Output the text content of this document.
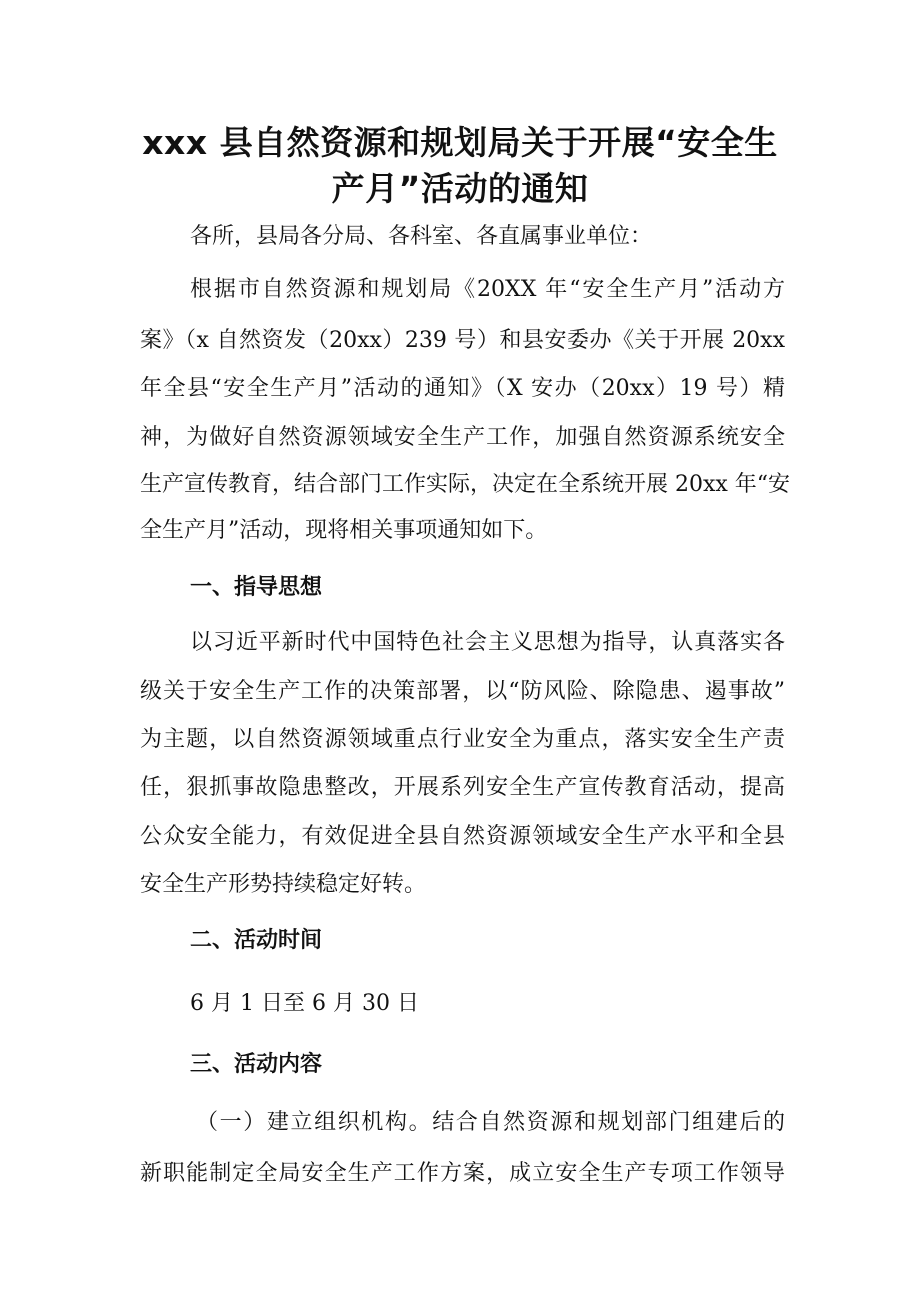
xxx 县自然资源和规划局关于开展“安全生
产月”活动的通知

各所，县局各分局、各科室、各直属事业单位：

根据市自然资源和规划局《20XX 年“安全生产月”活动方

案》（x 自然资发（20xx）239 号）和县安委办《关于开展 20xx

年全县“安全生产月”活动的通知》（X 安办（20xx）19 号）精

神，为做好自然资源领域安全生产工作，加强自然资源系统安全

生产宣传教育，结合部门工作实际，决定在全系统开展 20xx 年“安

全生产月”活动，现将相关事项通知如下。

一、指导思想

以习近平新时代中国特色社会主义思想为指导，认真落实各

级关于安全生产工作的决策部署，以“防风险、除隐患、遏事故”

为主题，以自然资源领域重点行业安全为重点，落实安全生产责

任，狠抓事故隐患整改，开展系列安全生产宣传教育活动，提高

公众安全能力，有效促进全县自然资源领域安全生产水平和全县

安全生产形势持续稳定好转。

二、活动时间

6 月 1 日至 6 月 30 日

三、活动内容

（一）建立组织机构。结合自然资源和规划部门组建后的

新职能制定全局安全生产工作方案，成立安全生产专项工作领导
